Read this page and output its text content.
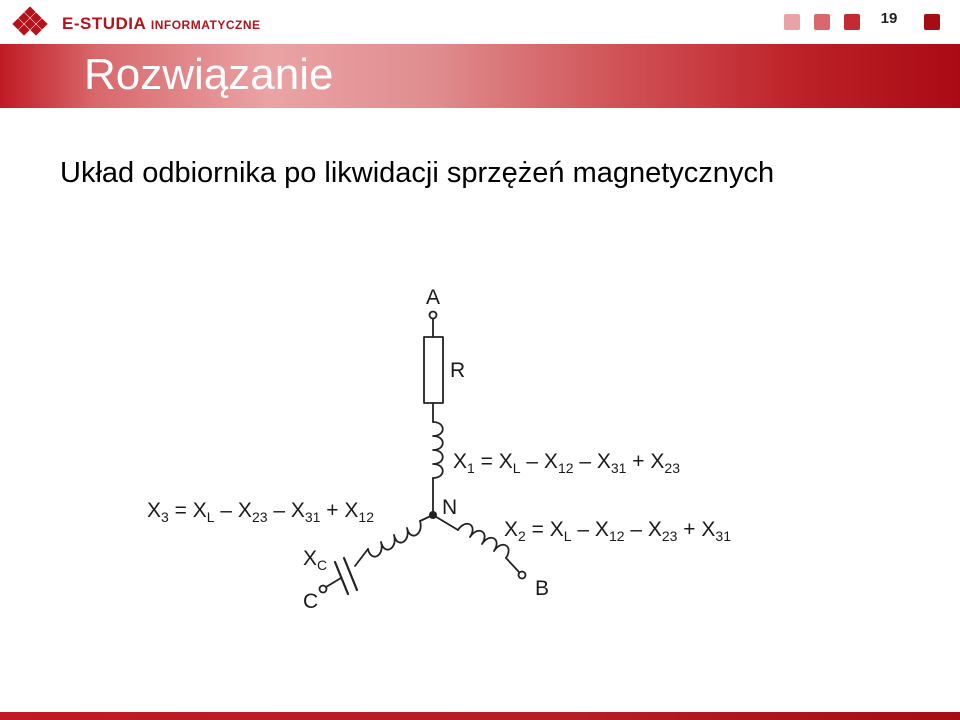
E-STUDIA INFORMATYCZNE	19
Rozwiązanie
Układ odbiornika po likwidacji sprzężeń magnetycznych
A
R
N
B
C
$X_C$
$X_1 = X_L - X_{12} - X_{31} + X_{23}$
$X_2 = X_L - X_{12} - X_{23} + X_{31}$
$X_3 = X_L - X_{23} - X_{31} + X_{12}$
